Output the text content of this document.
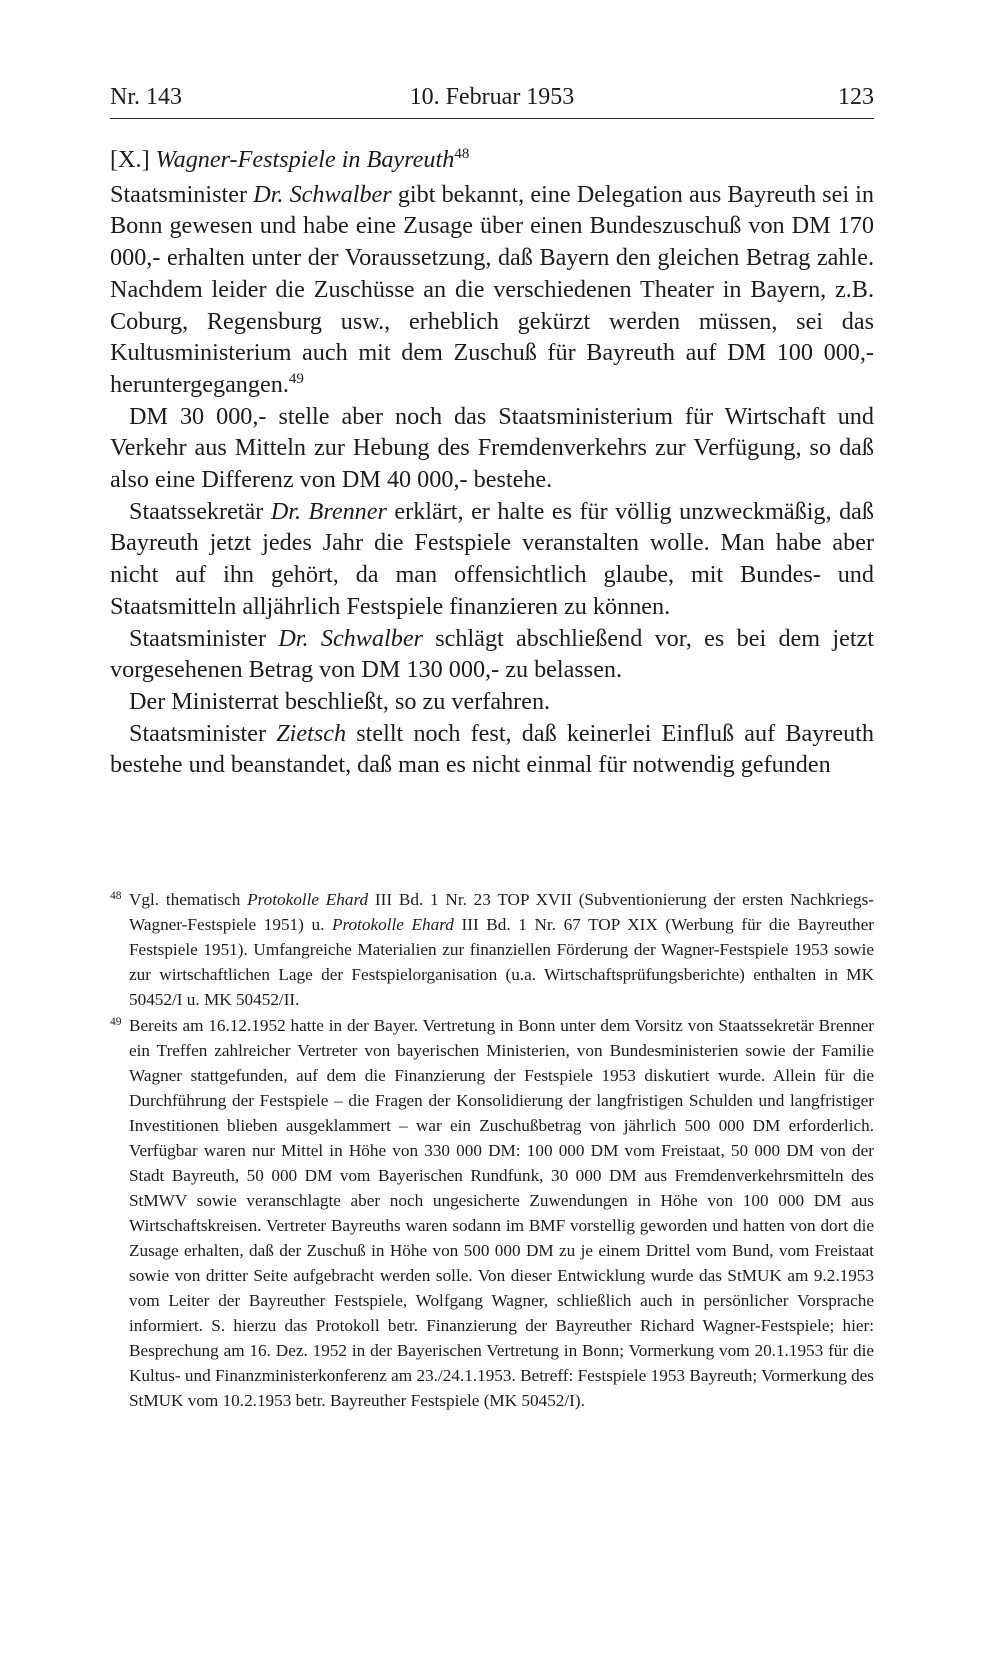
Nr. 143	10. Februar 1953	123
[X.] Wagner-Festspiele in Bayreuth$^{48}$

Staatsminister Dr. Schwalber gibt bekannt, eine Delegation aus Bayreuth sei in Bonn gewesen und habe eine Zusage über einen Bundeszuschuß von DM 170 000,- erhalten unter der Voraussetzung, daß Bayern den gleichen Betrag zahle. Nachdem leider die Zuschüsse an die verschiedenen Theater in Bayern, z.B. Coburg, Regensburg usw., erheblich gekürzt werden müssen, sei das Kultusministerium auch mit dem Zuschuß für Bayreuth auf DM 100 000,- heruntergegangen.$^{49}$

DM 30 000,- stelle aber noch das Staatsministerium für Wirtschaft und Verkehr aus Mitteln zur Hebung des Fremdenverkehrs zur Verfügung, so daß also eine Differenz von DM 40 000,- bestehe.

Staatssekretär Dr. Brenner erklärt, er halte es für völlig unzweckmäßig, daß Bayreuth jetzt jedes Jahr die Festspiele veranstalten wolle. Man habe aber nicht auf ihn gehört, da man offensichtlich glaube, mit Bundes- und Staatsmitteln alljährlich Festspiele finanzieren zu können.

Staatsminister Dr. Schwalber schlägt abschließend vor, es bei dem jetzt vorgesehenen Betrag von DM 130 000,- zu belassen.

Der Ministerrat beschließt, so zu verfahren.

Staatsminister Zietsch stellt noch fest, daß keinerlei Einfluß auf Bayreuth bestehe und beanstandet, daß man es nicht einmal für notwendig gefunden

48 Vgl. thematisch Protokolle Ehard III Bd. 1 Nr. 23 TOP XVII (Subventionierung der ersten Nachkriegs-Wagner-Festspiele 1951) u. Protokolle Ehard III Bd. 1 Nr. 67 TOP XIX (Werbung für die Bayreuther Festspiele 1951). Umfangreiche Materialien zur finanziellen Förderung der Wagner-Festspiele 1953 sowie zur wirtschaftlichen Lage der Festspielorganisation (u.a. Wirtschaftsprüfungsberichte) enthalten in MK 50452/I u. MK 50452/II.
49 Bereits am 16.12.1952 hatte in der Bayer. Vertretung in Bonn unter dem Vorsitz von Staatssekretär Brenner ein Treffen zahlreicher Vertreter von bayerischen Ministerien, von Bundesministerien sowie der Familie Wagner stattgefunden, auf dem die Finanzierung der Festspiele 1953 diskutiert wurde. Allein für die Durchführung der Festspiele – die Fragen der Konsolidierung der langfristigen Schulden und langfristiger Investitionen blieben ausgeklammert – war ein Zuschußbetrag von jährlich 500 000 DM erforderlich. Verfügbar waren nur Mittel in Höhe von 330 000 DM: 100 000 DM vom Freistaat, 50 000 DM von der Stadt Bayreuth, 50 000 DM vom Bayerischen Rundfunk, 30 000 DM aus Fremdenverkehrsmitteln des StMWV sowie veranschlagte aber noch ungesicherte Zuwendungen in Höhe von 100 000 DM aus Wirtschaftskreisen. Vertreter Bayreuths waren sodann im BMF vorstellig geworden und hatten von dort die Zusage erhalten, daß der Zuschuß in Höhe von 500 000 DM zu je einem Drittel vom Bund, vom Freistaat sowie von dritter Seite aufgebracht werden solle. Von dieser Entwicklung wurde das StMUK am 9.2.1953 vom Leiter der Bayreuther Festspiele, Wolfgang Wagner, schließlich auch in persönlicher Vorsprache informiert. S. hierzu das Protokoll betr. Finanzierung der Bayreuther Richard Wagner-Festspiele; hier: Besprechung am 16. Dez. 1952 in der Bayerischen Vertretung in Bonn; Vormerkung vom 20.1.1953 für die Kultus- und Finanzministerkonferenz am 23./24.1.1953. Betreff: Festspiele 1953 Bayreuth; Vormerkung des StMUK vom 10.2.1953 betr. Bayreuther Festspiele (MK 50452/I).
